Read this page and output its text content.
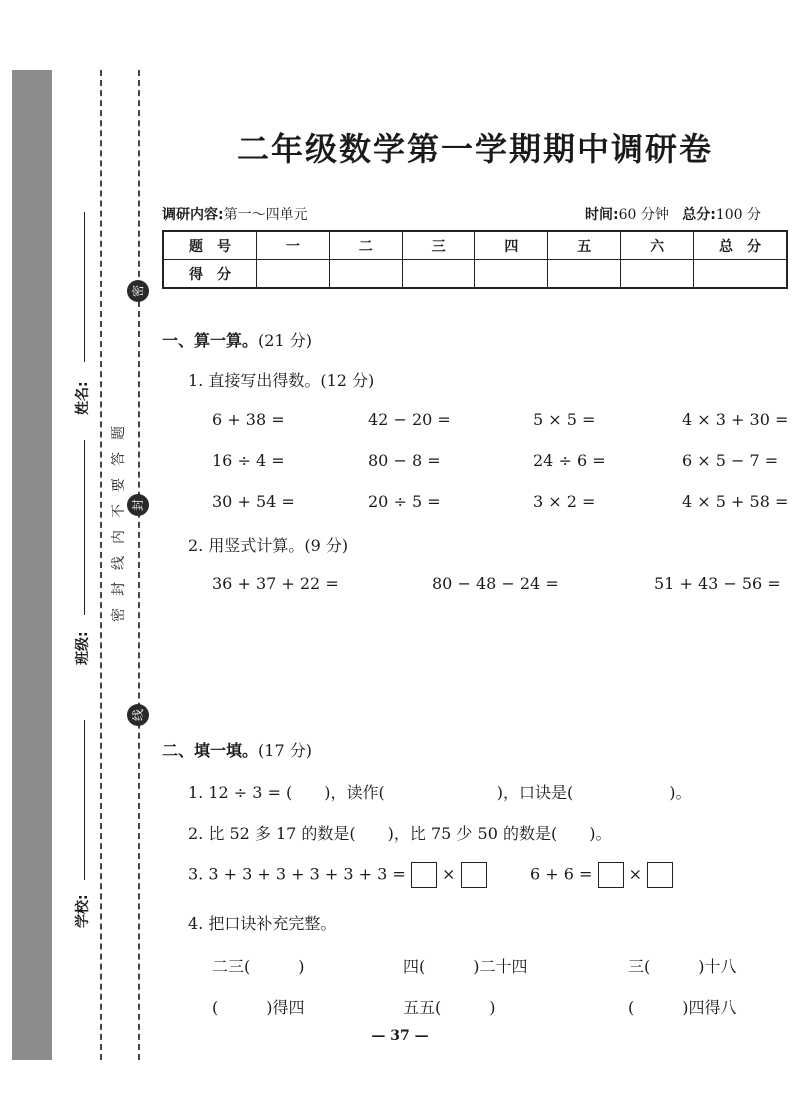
姓名:
班级:
学校:
密
封
线
密封线内不要答题
二年级数学第一学期期中调研卷
调研内容:第一～四单元	时间:60 分钟 总分:100 分
题　号	一	二	三	四	五	六	总　分
得　分							
一、算一算。(21 分)
1. 直接写出得数。(12 分)
6 + 38 =	42 − 20 =	5 × 5 =	4 × 3 + 30 =
16 ÷ 4 =	80 − 8 =	24 ÷ 6 =	6 × 5 − 7 =
30 + 54 =	20 ÷ 5 =	3 × 2 =	4 × 5 + 58 =
2. 用竖式计算。(9 分)
36 + 37 + 22 =	80 − 48 − 24 =	51 + 43 − 56 =
二、填一填。(17 分)
1. 12 ÷ 3 = (　　)，读作(　　　　　　　)，口诀是(　　　　　　)。
2. 比 52 多 17 的数是(　　)，比 75 少 50 的数是(　　)。
3. 3 + 3 + 3 + 3 + 3 + 3 = ×	6 + 6 = ×
4. 把口诀补充完整。
二三(　　　)	四(　　　)二十四	三(　　　)十八
(　　　)得四	五五(　　　)	(　　　)四得八
— 37 —
